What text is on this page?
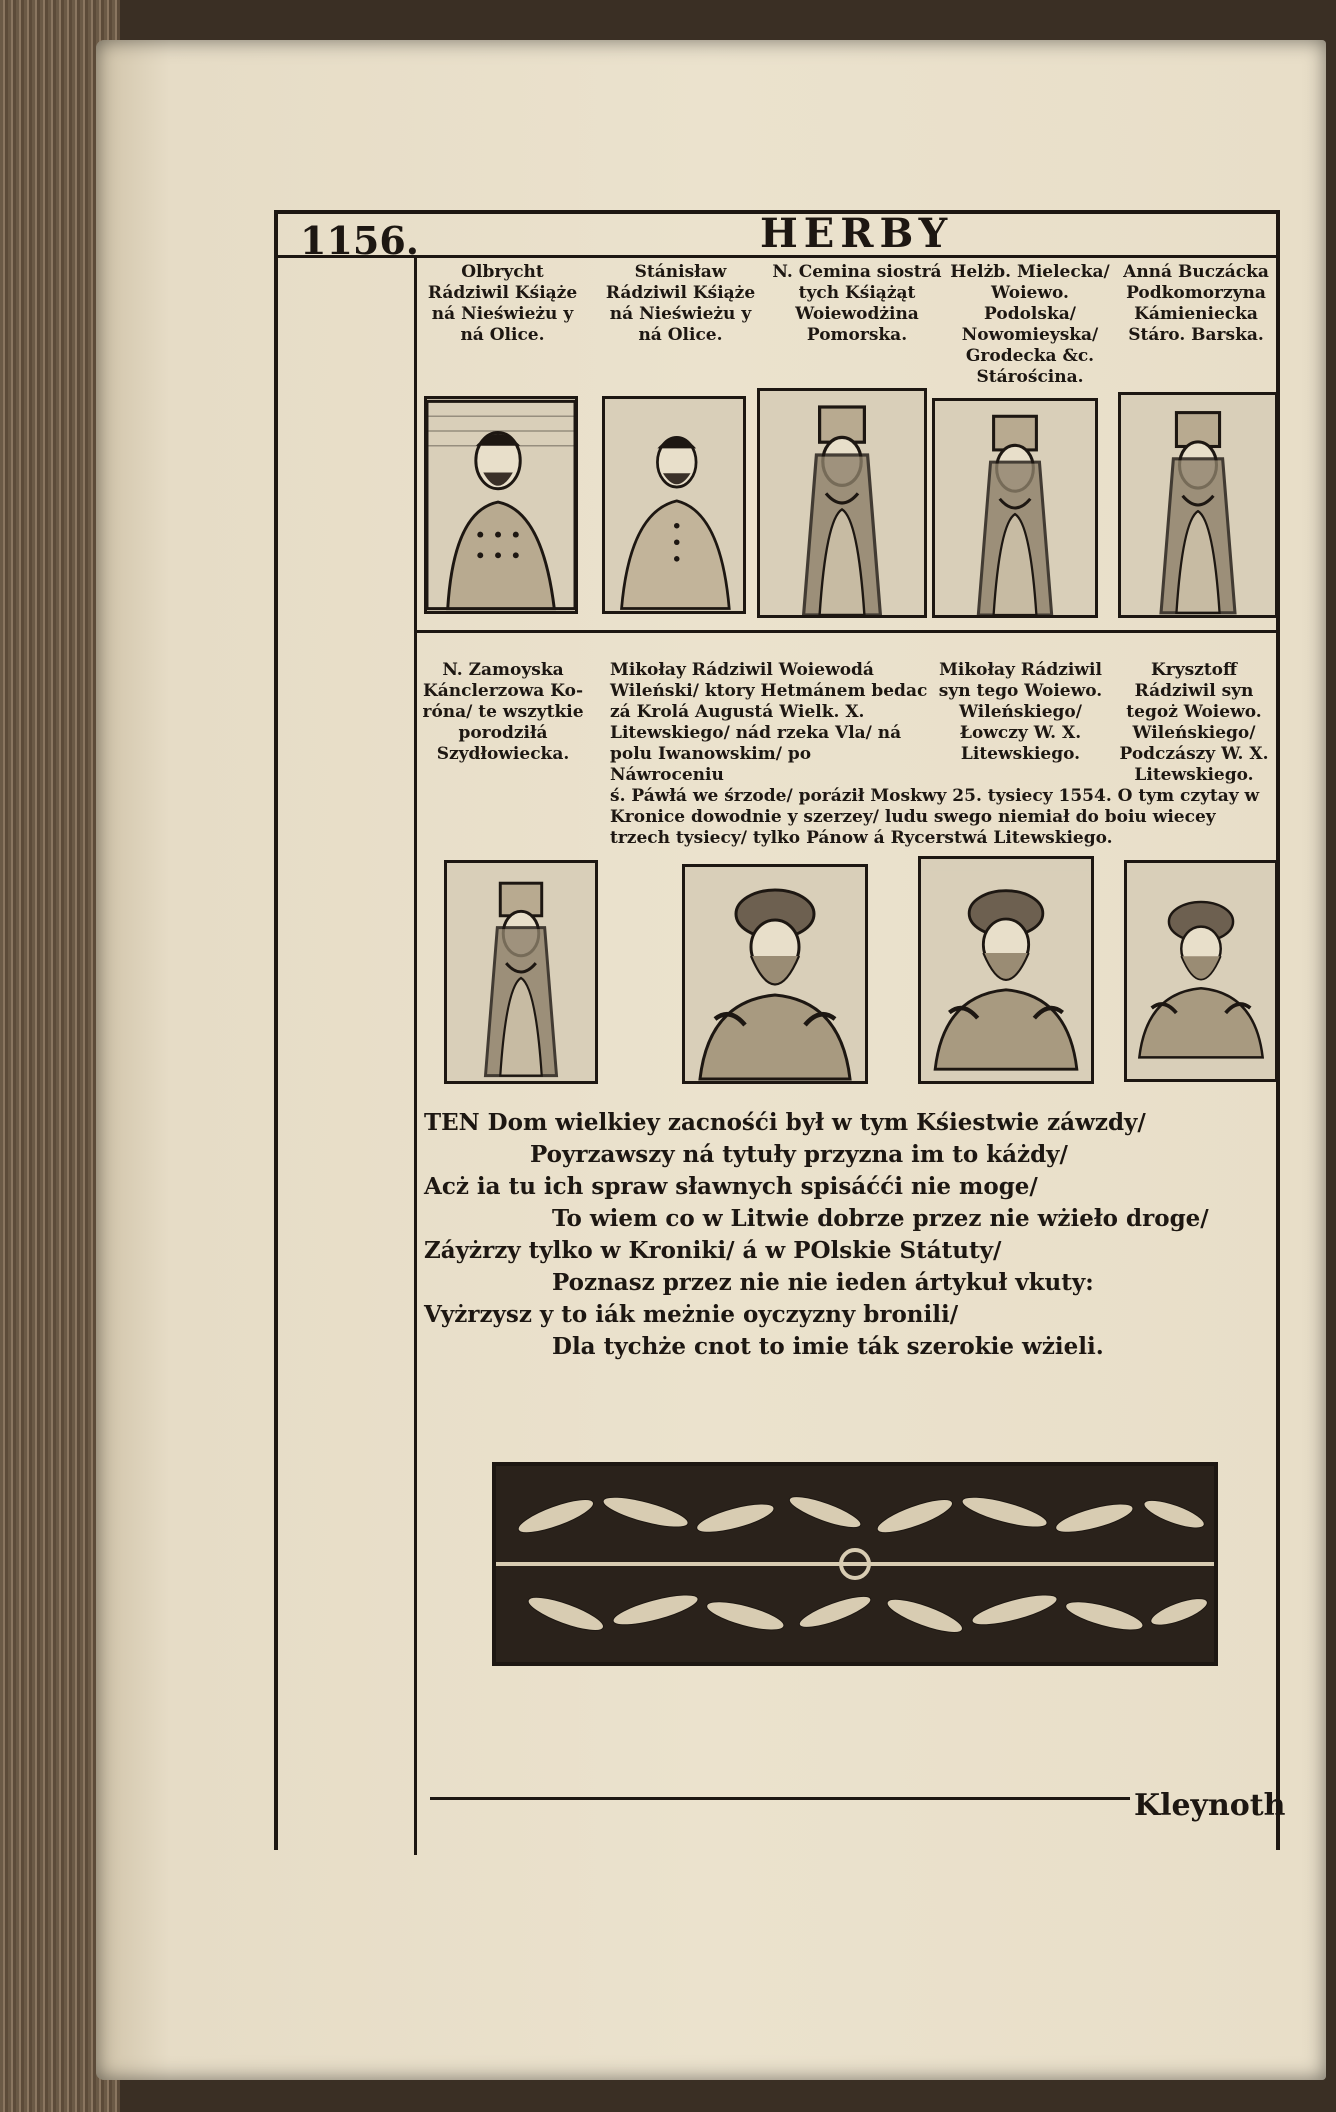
1156.	HERBY
Olbrycht Rádziwil Kśiąże ná Nieświeżu y ná Olice.
Stánisław Rádziwil Kśiąże ná Nieświeżu y ná Olice.
N. Cemina siostrá tych Kśiążąt Woiewodżina Pomorska.
Helżb. Mielecka/ Woiewo. Podolska/ Nowomieyska/ Grodecka &c. Stárościna.
Anná Buczácka Podkomorzyna Kámieniecka Stáro. Barska.
N. Zamoyska Kánclerzowa Koróna/ te wszytkie porodziłá Szydłowiecka.
Mikołay Rádziwil Woiewodá Wileński/ ktory Hetmánem bedac zá Krolá Augustá Wielk. X. Litewskiego/ nád rzeka Vla/ ná polu Iwanowskim/ po Náwroceniu
Mikołay Rádziwil syn tego Woiewo. Wileńskiego/ Łowczy W. X. Litewskiego.
Krysztoff Rádziwil syn tegoż Woiewo. Wileńskiego/ Podczászy W. X. Litewskiego.
ś. Páwłá we śrzode/ poráził Moskwy 25. tysiecy 1554. O tym czytay w Kronice dowodnie y szerzey/ ludu swego niemiał do boiu wiecey trzech tysiecy/ tylko Pánow á Rycerstwá Litewskiego.
TEN Dom wielkiey zacnośći był w tym Kśiestwie záwzdy/
Poyrzawszy ná tytuły przyzna im to káżdy/
Acż ia tu ich spraw sławnych spisáćći nie moge/
To wiem co w Litwie dobrze przez nie wżieło droge/
Záyżrzy tylko w Kroniki/ á w POlskie Státuty/
Poznasz przez nie nie ieden ártykuł vkuty:
Vyżrzysz y to iák meżnie oyczyzny bronili/
Dla tychże cnot to imie ták szerokie wżieli.
Kleynoth
